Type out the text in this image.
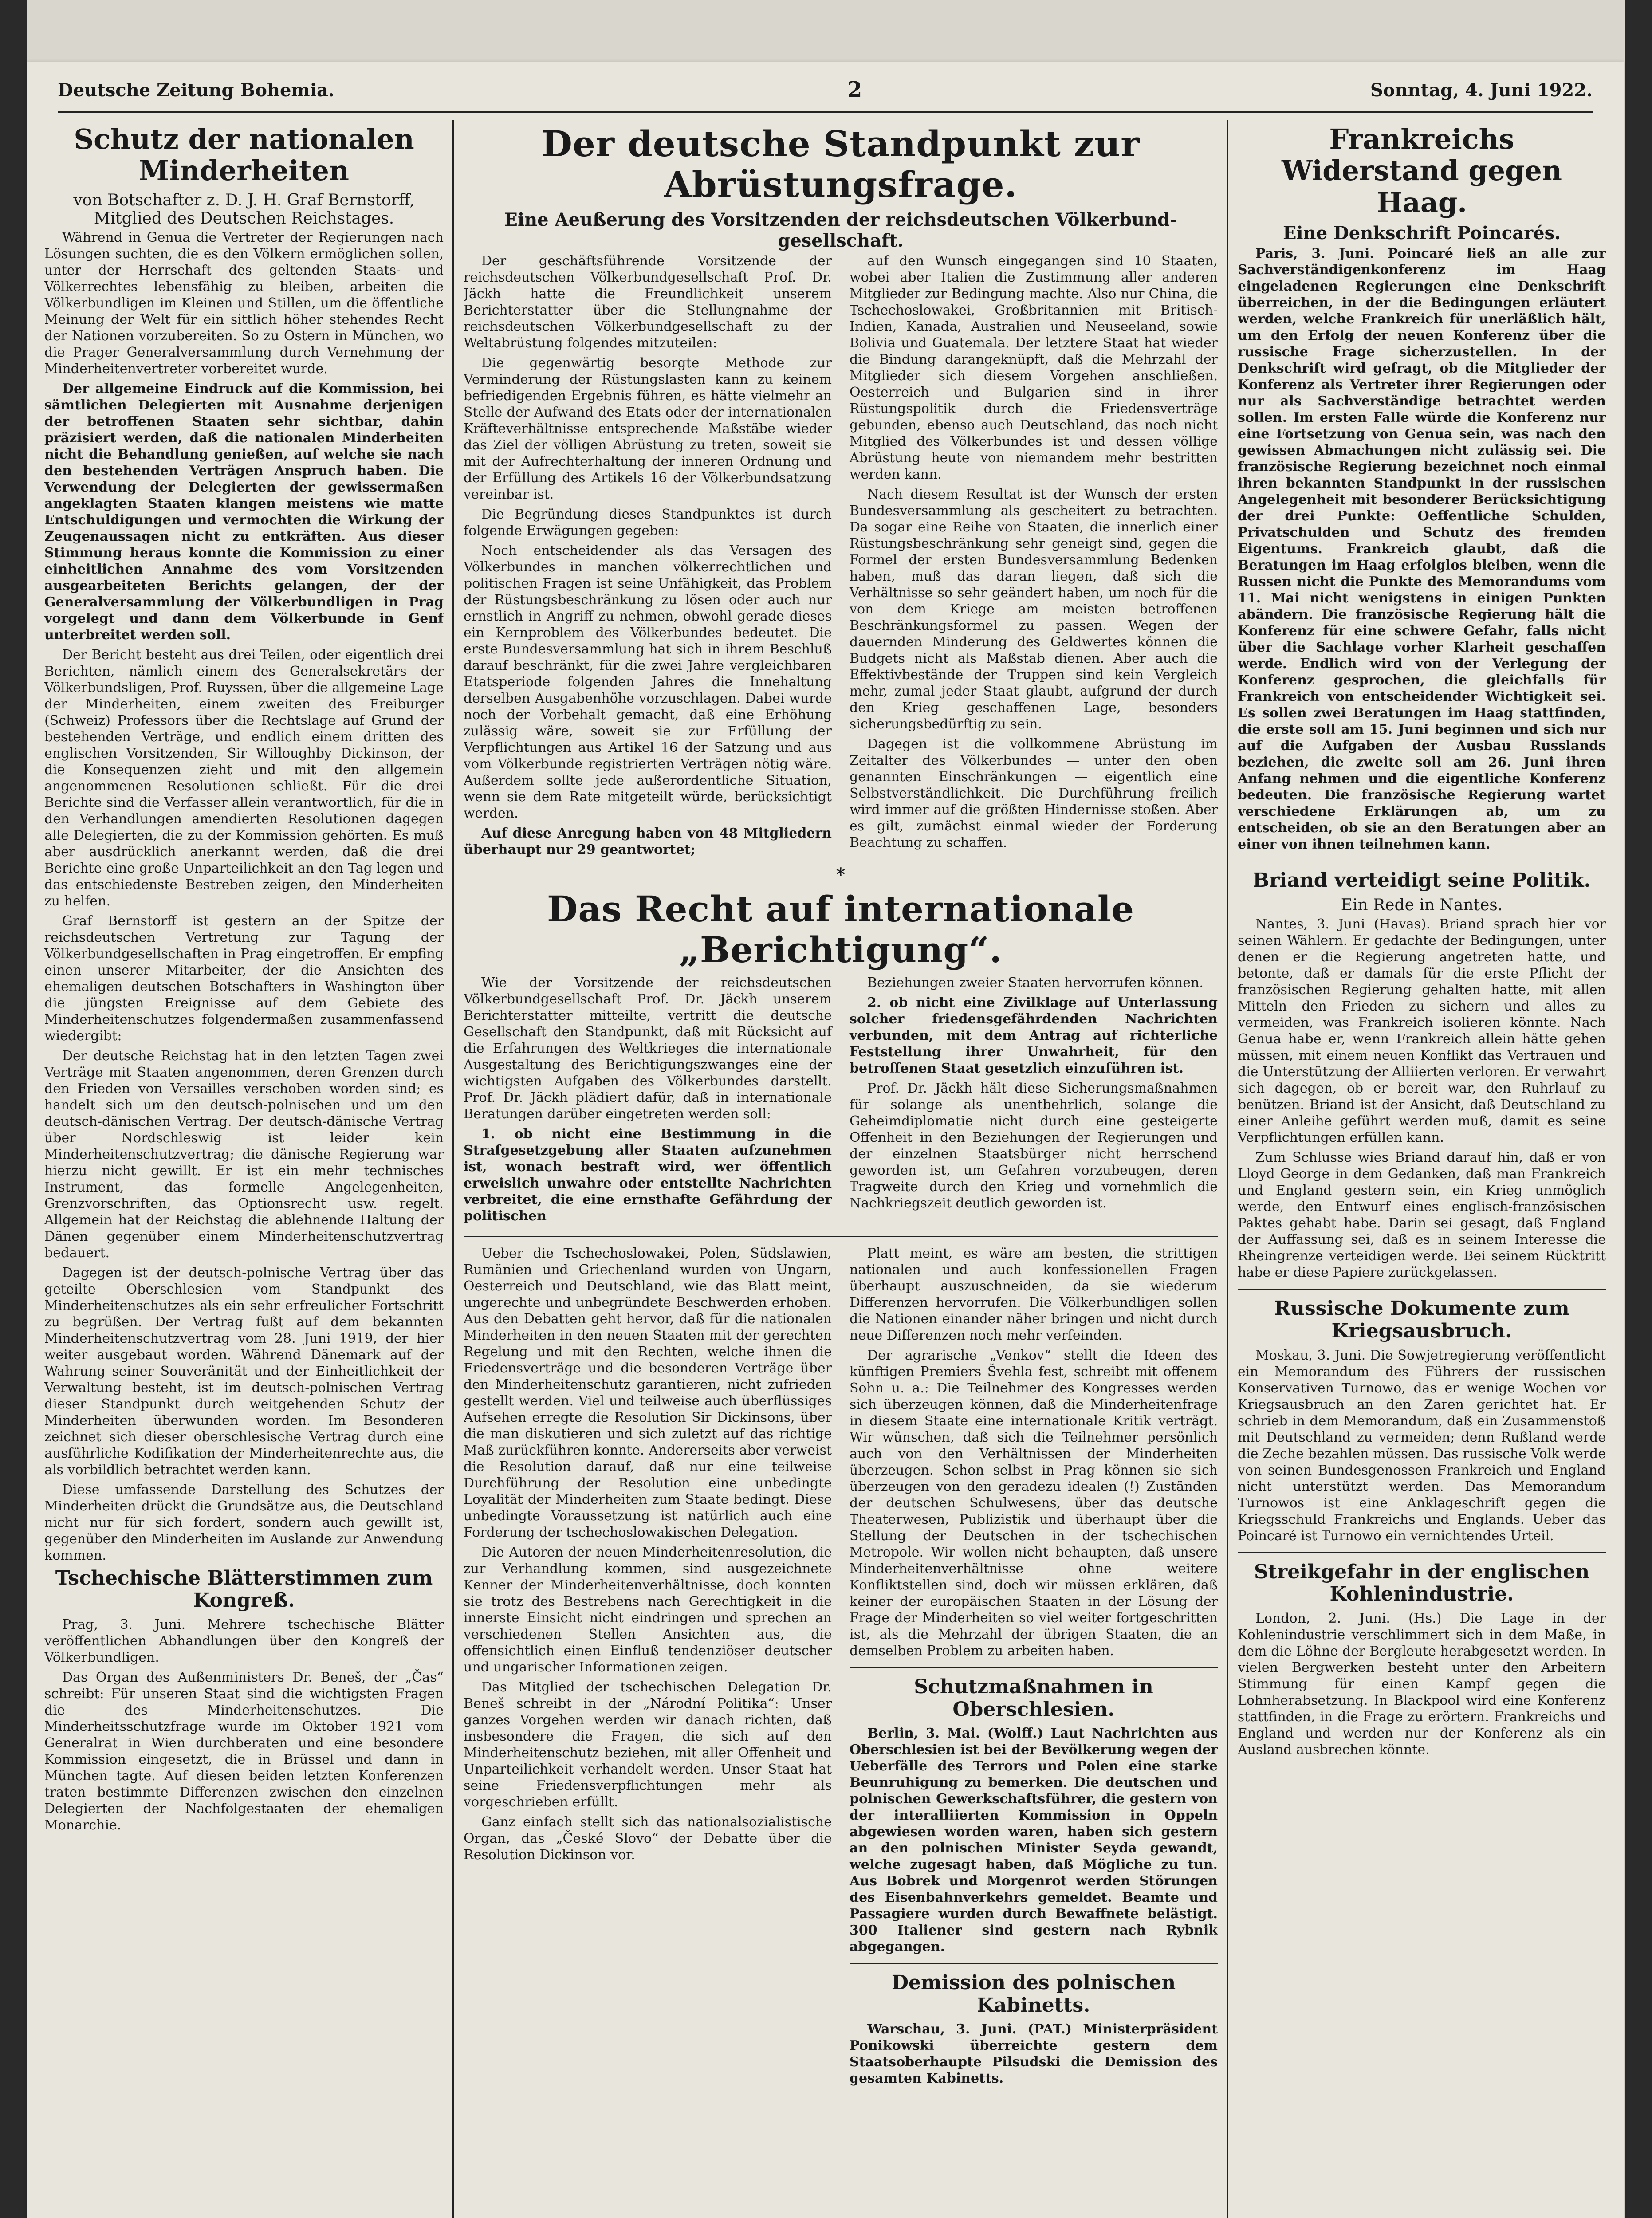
Deutsche Zeitung Bohemia.	2	Sonntag, 4. Juni 1922.
Schutz der nationalen Minderheiten
von Botschafter z. D. J. H. Graf Bernstorff, Mitglied des Deutschen Reichstages.

Während in Genua die Vertreter der Regierungen nach Lösungen suchten, die es den Völkern ermöglichen sollen, unter der Herrschaft des geltenden Staats- und Völkerrechtes lebensfähig zu bleiben, arbeiten die Völkerbundligen im Kleinen und Stillen, um die öffentliche Meinung der Welt für ein sittlich höher stehendes Recht der Nationen vorzubereiten. So zu Ostern in München, wo die Prager Generalversammlung durch Vernehmung der Minderheitenvertreter vorbereitet wurde.

Der allgemeine Eindruck auf die Kommission, bei sämtlichen Delegierten mit Ausnahme derjenigen der betroffenen Staaten sehr sichtbar, dahin präzisiert werden, daß die nationalen Minderheiten nicht die Behandlung genießen, auf welche sie nach den bestehenden Verträgen Anspruch haben. Die Verwendung der Delegierten der gewissermaßen angeklagten Staaten klangen meistens wie matte Entschuldigungen und vermochten die Wirkung der Zeugenaussagen nicht zu entkräften. Aus dieser Stimmung heraus konnte die Kommission zu einer einheitlichen Annahme des vom Vorsitzenden ausgearbeiteten Berichts gelangen, der der Generalversammlung der Völkerbundligen in Prag vorgelegt und dann dem Völkerbunde in Genf unterbreitet werden soll.

Der Bericht besteht aus drei Teilen, oder eigentlich drei Berichten, nämlich einem des Generalsekretärs der Völkerbundsligen, Prof. Ruyssen, über die allgemeine Lage der Minderheiten, einem zweiten des Freiburger (Schweiz) Professors über die Rechtslage auf Grund der bestehenden Verträge, und endlich einem dritten des englischen Vorsitzenden, Sir Willoughby Dickinson, der die Konsequenzen zieht und mit den allgemein angenommenen Resolutionen schließt. Für die drei Berichte sind die Verfasser allein verantwortlich, für die in den Verhandlungen amendierten Resolutionen dagegen alle Delegierten, die zu der Kommission gehörten. Es muß aber ausdrücklich anerkannt werden, daß die drei Berichte eine große Unparteilichkeit an den Tag legen und das entschiedenste Bestreben zeigen, den Minderheiten zu helfen.

Graf Bernstorff ist gestern an der Spitze der reichsdeutschen Vertretung zur Tagung der Völkerbundgesellschaften in Prag eingetroffen. Er empfing einen unserer Mitarbeiter, der die Ansichten des ehemaligen deutschen Botschafters in Washington über die jüngsten Ereignisse auf dem Gebiete des Minderheitenschutzes folgendermaßen zusammenfassend wiedergibt:

Der deutsche Reichstag hat in den letzten Tagen zwei Verträge mit Staaten angenommen, deren Grenzen durch den Frieden von Versailles verschoben worden sind; es handelt sich um den deutsch-polnischen und um den deutsch-dänischen Vertrag. Der deutsch-dänische Vertrag über Nordschleswig ist leider kein Minderheitenschutzvertrag; die dänische Regierung war hierzu nicht gewillt. Er ist ein mehr technisches Instrument, das formelle Angelegenheiten, Grenzvorschriften, das Optionsrecht usw. regelt. Allgemein hat der Reichstag die ablehnende Haltung der Dänen gegenüber einem Minderheitenschutzvertrag bedauert.

Dagegen ist der deutsch-polnische Vertrag über das geteilte Oberschlesien vom Standpunkt des Minderheitenschutzes als ein sehr erfreulicher Fortschritt zu begrüßen. Der Vertrag fußt auf dem bekannten Minderheitenschutzvertrag vom 28. Juni 1919, der hier weiter ausgebaut worden. Während Dänemark auf der Wahrung seiner Souveränität und der Einheitlichkeit der Verwaltung besteht, ist im deutsch-polnischen Vertrag dieser Standpunkt durch weitgehenden Schutz der Minderheiten überwunden worden. Im Besonderen zeichnet sich dieser oberschlesische Vertrag durch eine ausführliche Kodifikation der Minderheitenrechte aus, die als vorbildlich betrachtet werden kann.

Diese umfassende Darstellung des Schutzes der Minderheiten drückt die Grundsätze aus, die Deutschland nicht nur für sich fordert, sondern auch gewillt ist, gegenüber den Minderheiten im Auslande zur Anwendung kommen.

Tschechische Blätterstimmen zum Kongreß.

Prag, 3. Juni. Mehrere tschechische Blätter veröffentlichen Abhandlungen über den Kongreß der Völkerbundligen.

Das Organ des Außenministers Dr. Beneš, der „Čas“ schreibt: Für unseren Staat sind die wichtigsten Fragen die des Minderheitenschutzes. Die Minderheitsschutzfrage wurde im Oktober 1921 vom Generalrat in Wien durchberaten und eine besondere Kommission eingesetzt, die in Brüssel und dann in München tagte. Auf diesen beiden letzten Konferenzen traten bestimmte Differenzen zwischen den einzelnen Delegierten der Nachfolgestaaten der ehemaligen Monarchie.

Der deutsche Standpunkt zur Abrüstungsfrage.
Eine Aeußerung des Vorsitzenden der reichsdeutschen Völkerbund-gesellschaft.

Der geschäftsführende Vorsitzende der reichsdeutschen Völkerbundgesellschaft Prof. Dr. Jäckh hatte die Freundlichkeit unserem Berichterstatter über die Stellungnahme der reichsdeutschen Völkerbundgesellschaft zu der Weltabrüstung folgendes mitzuteilen:

Die gegenwärtig besorgte Methode zur Verminderung der Rüstungslasten kann zu keinem befriedigenden Ergebnis führen, es hätte vielmehr an Stelle der Aufwand des Etats oder der internationalen Kräfteverhältnisse entsprechende Maßstäbe wieder das Ziel der völligen Abrüstung zu treten, soweit sie mit der Aufrechterhaltung der inneren Ordnung und der Erfüllung des Artikels 16 der Völkerbundsatzung vereinbar ist.

Die Begründung dieses Standpunktes ist durch folgende Erwägungen gegeben:

Noch entscheidender als das Versagen des Völkerbundes in manchen völkerrechtlichen und politischen Fragen ist seine Unfähigkeit, das Problem der Rüstungsbeschränkung zu lösen oder auch nur ernstlich in Angriff zu nehmen, obwohl gerade dieses ein Kernproblem des Völkerbundes bedeutet. Die erste Bundesversammlung hat sich in ihrem Beschluß darauf beschränkt, für die zwei Jahre vergleichbaren Etatsperiode folgenden Jahres die Innehaltung derselben Ausgabenhöhe vorzuschlagen. Dabei wurde noch der Vorbehalt gemacht, daß eine Erhöhung zulässig wäre, soweit sie zur Erfüllung der Verpflichtungen aus Artikel 16 der Satzung und aus vom Völkerbunde registrierten Verträgen nötig wäre. Außerdem sollte jede außerordentliche Situation, wenn sie dem Rate mitgeteilt würde, berücksichtigt werden.

Auf diese Anregung haben von 48 Mitgliedern überhaupt nur 29 geantwortet;

auf den Wunsch eingegangen sind 10 Staaten, wobei aber Italien die Zustimmung aller anderen Mitglieder zur Bedingung machte. Also nur China, die Tschechoslowakei, Großbritannien mit Britisch-Indien, Kanada, Australien und Neuseeland, sowie Bolivia und Guatemala. Der letztere Staat hat wieder die Bindung darangeknüpft, daß die Mehrzahl der Mitglieder sich diesem Vorgehen anschließen. Oesterreich und Bulgarien sind in ihrer Rüstungspolitik durch die Friedensverträge gebunden, ebenso auch Deutschland, das noch nicht Mitglied des Völkerbundes ist und dessen völlige Abrüstung heute von niemandem mehr bestritten werden kann.

Nach diesem Resultat ist der Wunsch der ersten Bundesversammlung als gescheitert zu betrachten. Da sogar eine Reihe von Staaten, die innerlich einer Rüstungsbeschränkung sehr geneigt sind, gegen die Formel der ersten Bundesversammlung Bedenken haben, muß das daran liegen, daß sich die Verhältnisse so sehr geändert haben, um noch für die von dem Kriege am meisten betroffenen Beschränkungsformel zu passen. Wegen der dauernden Minderung des Geldwertes können die Budgets nicht als Maßstab dienen. Aber auch die Effektivbestände der Truppen sind kein Vergleich mehr, zumal jeder Staat glaubt, aufgrund der durch den Krieg geschaffenen Lage, besonders sicherungsbedürftig zu sein.

Dagegen ist die vollkommene Abrüstung im Zeitalter des Völkerbundes — unter den oben genannten Einschränkungen — eigentlich eine Selbstverständlichkeit. Die Durchführung freilich wird immer auf die größten Hindernisse stoßen. Aber es gilt, zumächst einmal wieder der Forderung Beachtung zu schaffen.

*
Das Recht auf internationale „Berichtigung“.

Wie der Vorsitzende der reichsdeutschen Völkerbundgesellschaft Prof. Dr. Jäckh unserem Berichterstatter mitteilte, vertritt die deutsche Gesellschaft den Standpunkt, daß mit Rücksicht auf die Erfahrungen des Weltkrieges die internationale Ausgestaltung des Berichtigungszwanges eine der wichtigsten Aufgaben des Völkerbundes darstellt. Prof. Dr. Jäckh plädiert dafür, daß in internationale Beratungen darüber eingetreten werden soll:

1. ob nicht eine Bestimmung in die Strafgesetzgebung aller Staaten aufzunehmen ist, wonach bestraft wird, wer öffentlich erweislich unwahre oder entstellte Nachrichten verbreitet, die eine ernsthafte Gefährdung der politischen

Beziehungen zweier Staaten hervorrufen können.

2. ob nicht eine Zivilklage auf Unterlassung solcher friedensgefährdenden Nachrichten verbunden, mit dem Antrag auf richterliche Feststellung ihrer Unwahrheit, für den betroffenen Staat gesetzlich einzuführen ist.

Prof. Dr. Jäckh hält diese Sicherungsmaßnahmen für solange als unentbehrlich, solange die Geheimdiplomatie nicht durch eine gesteigerte Offenheit in den Beziehungen der Regierungen und der einzelnen Staatsbürger nicht herrschend geworden ist, um Gefahren vorzubeugen, deren Tragweite durch den Krieg und vornehmlich die Nachkriegszeit deutlich geworden ist.

Ueber die Tschechoslowakei, Polen, Südslawien, Rumänien und Griechenland wurden von Ungarn, Oesterreich und Deutschland, wie das Blatt meint, ungerechte und unbegründete Beschwerden erhoben. Aus den Debatten geht hervor, daß für die nationalen Minderheiten in den neuen Staaten mit der gerechten Regelung und mit den Rechten, welche ihnen die Friedensverträge und die besonderen Verträge über den Minderheitenschutz garantieren, nicht zufrieden gestellt werden. Viel und teilweise auch überflüssiges Aufsehen erregte die Resolution Sir Dickinsons, über die man diskutieren und sich zuletzt auf das richtige Maß zurückführen konnte. Andererseits aber verweist die Resolution darauf, daß nur eine teilweise Durchführung der Resolution eine unbedingte Loyalität der Minderheiten zum Staate bedingt. Diese unbedingte Voraussetzung ist natürlich auch eine Forderung der tschechoslowakischen Delegation.

Die Autoren der neuen Minderheitenresolution, die zur Verhandlung kommen, sind ausgezeichnete Kenner der Minderheitenverhältnisse, doch konnten sie trotz des Bestrebens nach Gerechtigkeit in die innerste Einsicht nicht eindringen und sprechen an verschiedenen Stellen Ansichten aus, die offensichtlich einen Einfluß tendenziöser deutscher und ungarischer Informationen zeigen.

Das Mitglied der tschechischen Delegation Dr. Beneš schreibt in der „Národní Politika“: Unser ganzes Vorgehen werden wir danach richten, daß insbesondere die Fragen, die sich auf den Minderheitenschutz beziehen, mit aller Offenheit und Unparteilichkeit verhandelt werden. Unser Staat hat seine Friedensverpflichtungen mehr als vorgeschrieben erfüllt.

Ganz einfach stellt sich das nationalsozialistische Organ, das „České Slovo“ der Debatte über die Resolution Dickinson vor.

Platt meint, es wäre am besten, die strittigen nationalen und auch konfessionellen Fragen überhaupt auszuschneiden, da sie wiederum Differenzen hervorrufen. Die Völkerbundligen sollen die Nationen einander näher bringen und nicht durch neue Differenzen noch mehr verfeinden.

Der agrarische „Venkov“ stellt die Ideen des künftigen Premiers Švehla fest, schreibt mit offenem Sohn u. a.: Die Teilnehmer des Kongresses werden sich überzeugen können, daß die Minderheitenfrage in diesem Staate eine internationale Kritik verträgt. Wir wünschen, daß sich die Teilnehmer persönlich auch von den Verhältnissen der Minderheiten überzeugen. Schon selbst in Prag können sie sich überzeugen von den geradezu idealen (!) Zuständen der deutschen Schulwesens, über das deutsche Theaterwesen, Publizistik und überhaupt über die Stellung der Deutschen in der tschechischen Metropole. Wir wollen nicht behaupten, daß unsere Minderheitenverhältnisse ohne weitere Konfliktstellen sind, doch wir müssen erklären, daß keiner der europäischen Staaten in der Lösung der Frage der Minderheiten so viel weiter fortgeschritten ist, als die Mehrzahl der übrigen Staaten, die an demselben Problem zu arbeiten haben.

Schutzmaßnahmen in Oberschlesien.

Berlin, 3. Mai. (Wolff.) Laut Nachrichten aus Oberschlesien ist bei der Bevölkerung wegen der Ueberfälle des Terrors und Polen eine starke Beunruhigung zu bemerken. Die deutschen und polnischen Gewerkschaftsführer, die gestern von der interalliierten Kommission in Oppeln abgewiesen worden waren, haben sich gestern an den polnischen Minister Seyda gewandt, welche zugesagt haben, daß Mögliche zu tun. Aus Bobrek und Morgenrot werden Störungen des Eisenbahnverkehrs gemeldet. Beamte und Passagiere wurden durch Bewaffnete belästigt. 300 Italiener sind gestern nach Rybnik abgegangen.

Demission des polnischen Kabinetts.

Warschau, 3. Juni. (PAT.) Ministerpräsident Ponikowski überreichte gestern dem Staatsoberhaupte Pilsudski die Demission des gesamten Kabinetts.

Frankreichs Widerstand gegen Haag.
Eine Denkschrift Poincarés.

Paris, 3. Juni. Poincaré ließ an alle zur Sachverständigenkonferenz im Haag eingeladenen Regierungen eine Denkschrift überreichen, in der die Bedingungen erläutert werden, welche Frankreich für unerläßlich hält, um den Erfolg der neuen Konferenz über die russische Frage sicherzustellen. In der Denkschrift wird gefragt, ob die Mitglieder der Konferenz als Vertreter ihrer Regierungen oder nur als Sachverständige betrachtet werden sollen. Im ersten Falle würde die Konferenz nur eine Fortsetzung von Genua sein, was nach den gewissen Abmachungen nicht zulässig sei. Die französische Regierung bezeichnet noch einmal ihren bekannten Standpunkt in der russischen Angelegenheit mit besonderer Berücksichtigung der drei Punkte: Oeffentliche Schulden, Privatschulden und Schutz des fremden Eigentums. Frankreich glaubt, daß die Beratungen im Haag erfolglos bleiben, wenn die Russen nicht die Punkte des Memorandums vom 11. Mai nicht wenigstens in einigen Punkten abändern. Die französische Regierung hält die Konferenz für eine schwere Gefahr, falls nicht über die Sachlage vorher Klarheit geschaffen werde. Endlich wird von der Verlegung der Konferenz gesprochen, die gleichfalls für Frankreich von entscheidender Wichtigkeit sei. Es sollen zwei Beratungen im Haag stattfinden, die erste soll am 15. Juni beginnen und sich nur auf die Aufgaben der Ausbau Russlands beziehen, die zweite soll am 26. Juni ihren Anfang nehmen und die eigentliche Konferenz bedeuten. Die französische Regierung wartet verschiedene Erklärungen ab, um zu entscheiden, ob sie an den Beratungen aber an einer von ihnen teilnehmen kann.

Briand verteidigt seine Politik.
Ein Rede in Nantes.

Nantes, 3. Juni (Havas). Briand sprach hier vor seinen Wählern. Er gedachte der Bedingungen, unter denen er die Regierung angetreten hatte, und betonte, daß er damals für die erste Pflicht der französischen Regierung gehalten hatte, mit allen Mitteln den Frieden zu sichern und alles zu vermeiden, was Frankreich isolieren könnte. Nach Genua habe er, wenn Frankreich allein hätte gehen müssen, mit einem neuen Konflikt das Vertrauen und die Unterstützung der Alliierten verloren. Er verwahrt sich dagegen, ob er bereit war, den Ruhrlauf zu benützen. Briand ist der Ansicht, daß Deutschland zu einer Anleihe geführt werden muß, damit es seine Verpflichtungen erfüllen kann.

Zum Schlusse wies Briand darauf hin, daß er von Lloyd George in dem Gedanken, daß man Frankreich und England gestern sein, ein Krieg unmöglich werde, den Entwurf eines englisch-französischen Paktes gehabt habe. Darin sei gesagt, daß England der Auffassung sei, daß es in seinem Interesse die Rheingrenze verteidigen werde. Bei seinem Rücktritt habe er diese Papiere zurückgelassen.

Russische Dokumente zum Kriegsausbruch.

Moskau, 3. Juni. Die Sowjetregierung veröffentlicht ein Memorandum des Führers der russischen Konservativen Turnowo, das er wenige Wochen vor Kriegsausbruch an den Zaren gerichtet hat. Er schrieb in dem Memorandum, daß ein Zusammenstoß mit Deutschland zu vermeiden; denn Rußland werde die Zeche bezahlen müssen. Das russische Volk werde von seinen Bundesgenossen Frankreich und England nicht unterstützt werden. Das Memorandum Turnowos ist eine Anklageschrift gegen die Kriegsschuld Frankreichs und Englands. Ueber das Poincaré ist Turnowo ein vernichtendes Urteil.

Streikgefahr in der englischen Kohlenindustrie.

London, 2. Juni. (Hs.) Die Lage in der Kohlenindustrie verschlimmert sich in dem Maße, in dem die Löhne der Bergleute herabgesetzt werden. In vielen Bergwerken besteht unter den Arbeitern Stimmung für einen Kampf gegen die Lohnherabsetzung. In Blackpool wird eine Konferenz stattfinden, in die Frage zu erörtern. Frankreichs und England und werden nur der Konferenz als ein Ausland ausbrechen könnte.
